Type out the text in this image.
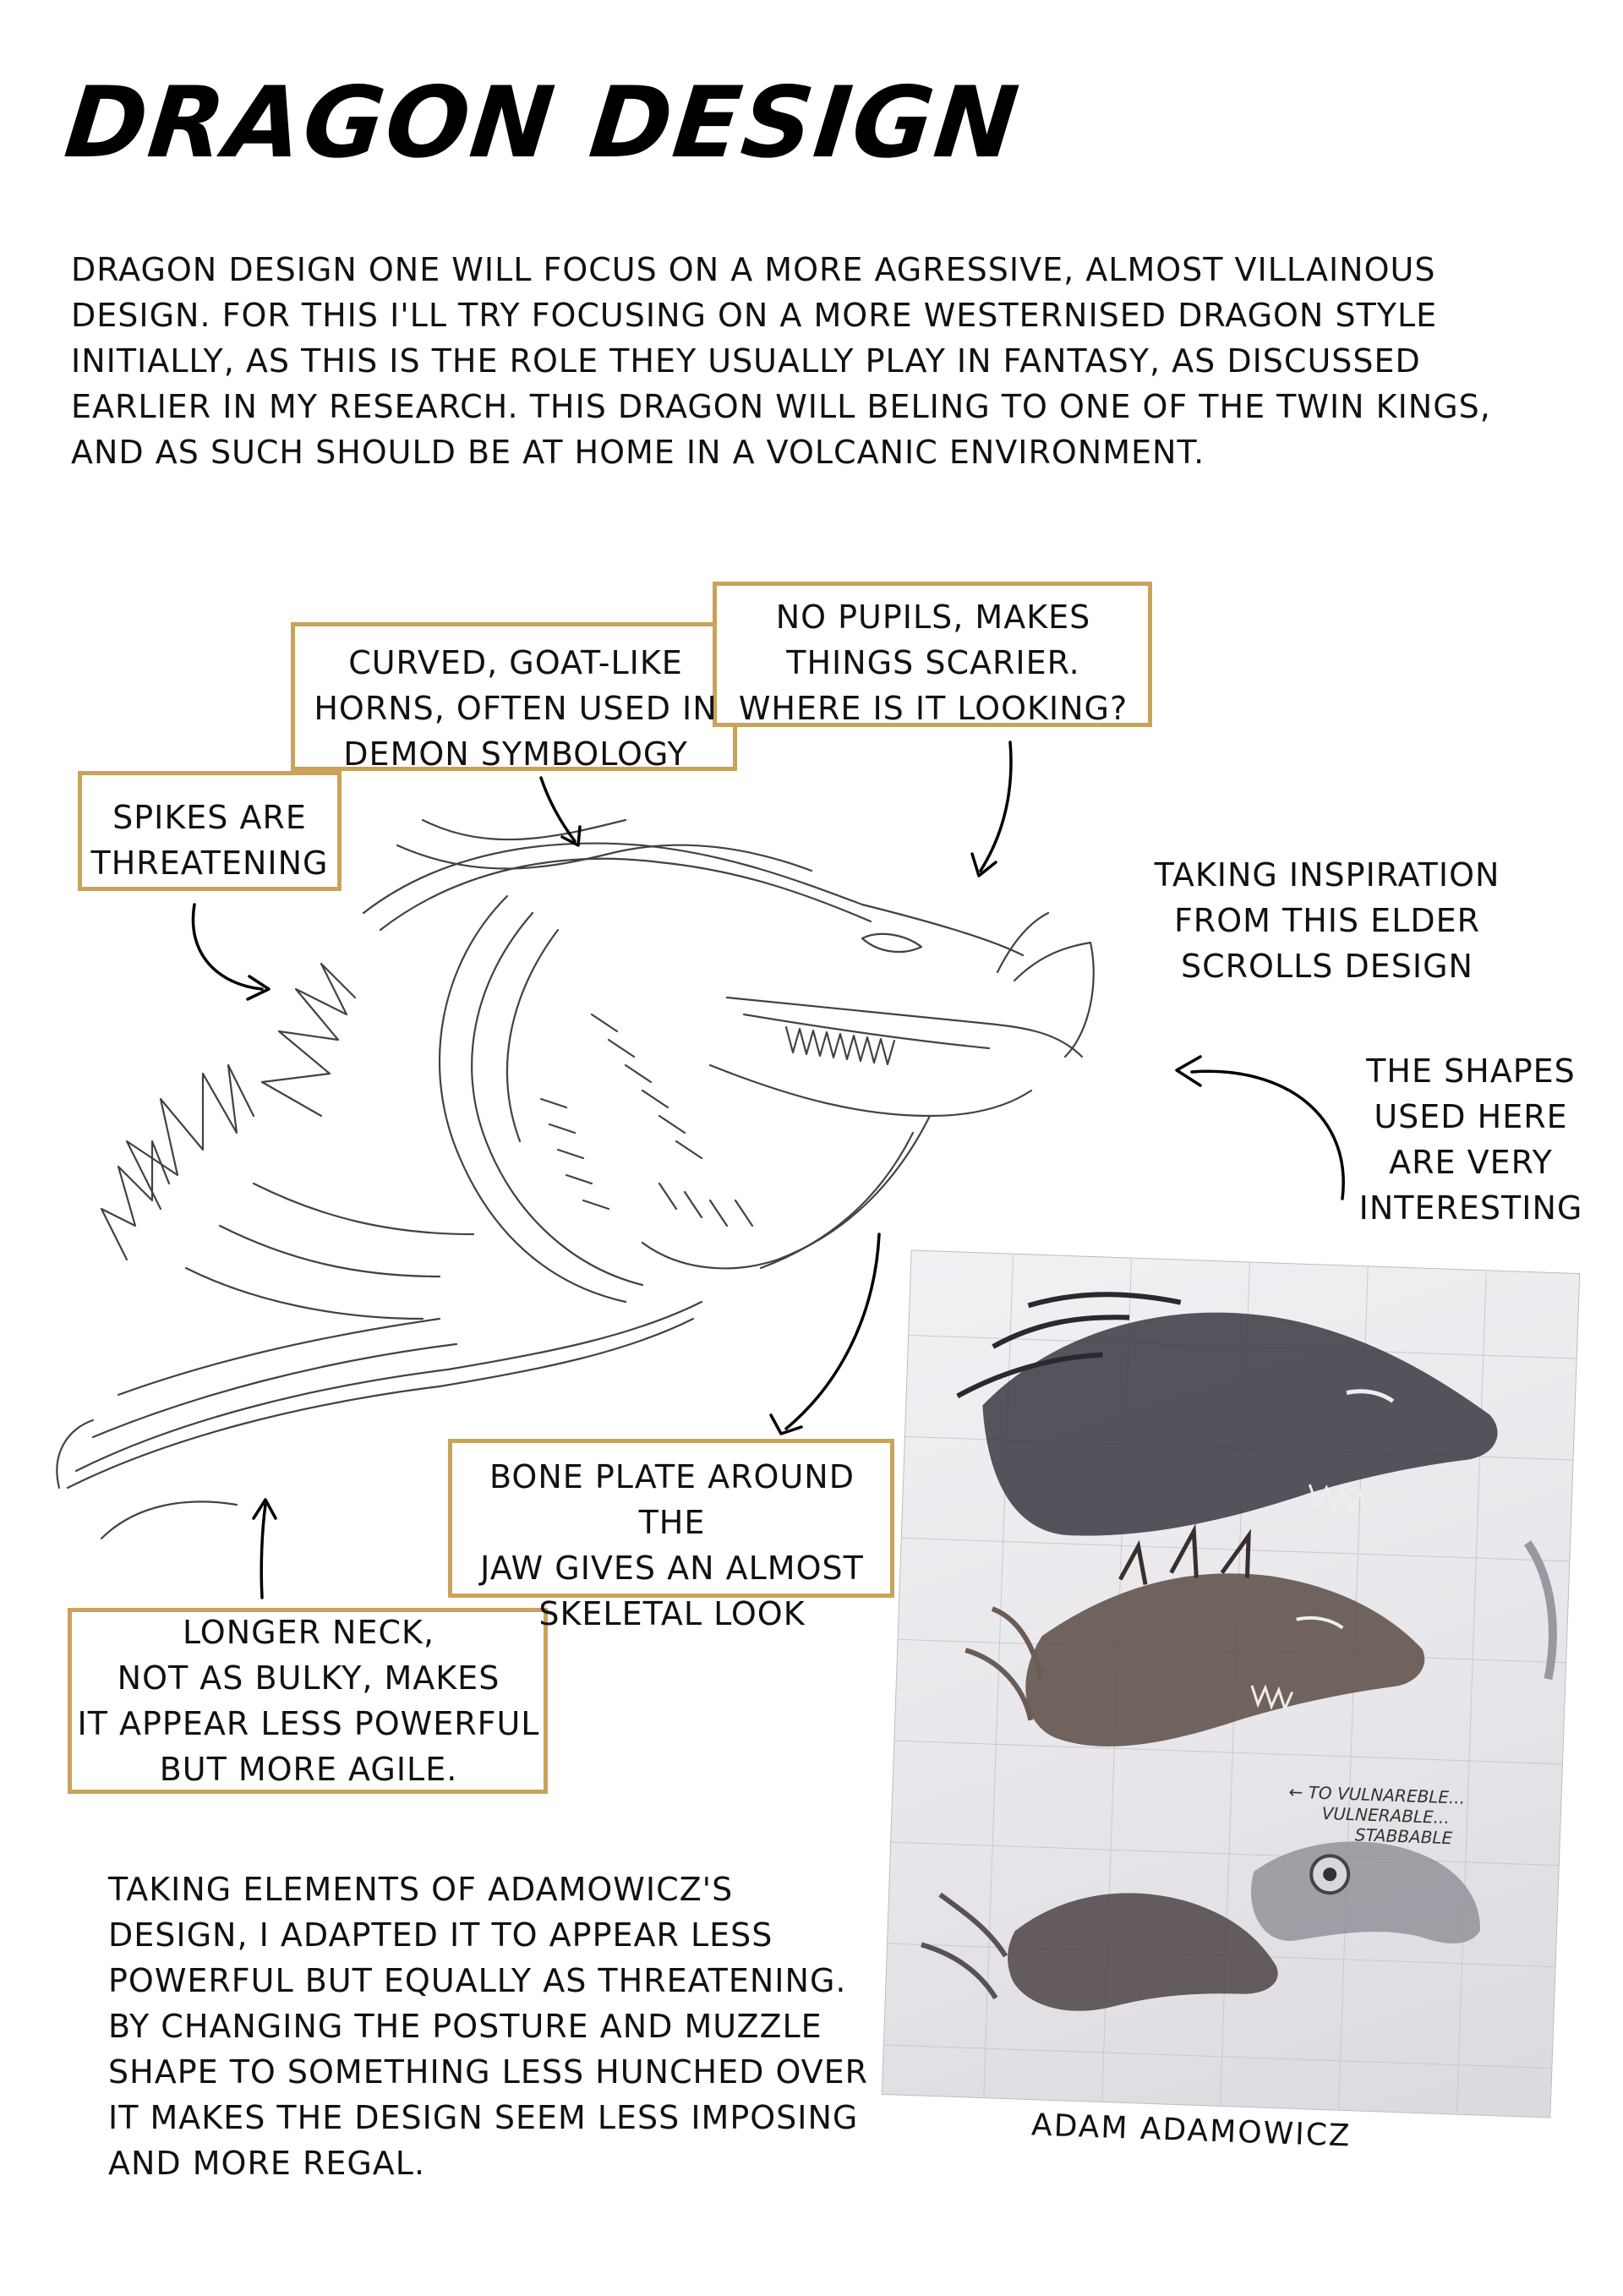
DRAGON DESIGN

DRAGON DESIGN ONE WILL FOCUS ON A MORE AGRESSIVE, ALMOST VILLAINOUS DESIGN. FOR THIS I'LL TRY FOCUSING ON A MORE WESTERNISED DRAGON STYLE INITIALLY, AS THIS IS THE ROLE THEY USUALLY PLAY IN FANTASY, AS DISCUSSED EARLIER IN MY RESEARCH. THIS DRAGON WILL BELING TO ONE OF THE TWIN KINGS, AND AS SUCH SHOULD BE AT HOME IN A VOLCANIC ENVIRONMENT.

SPIKES ARE
THREATENING
CURVED, GOAT-LIKE
HORNS, OFTEN USED IN
DEMON SYMBOLOGY
NO PUPILS, MAKES
THINGS SCARIER.
WHERE IS IT LOOKING?
BONE PLATE AROUND THE
JAW GIVES AN ALMOST
SKELETAL LOOK
LONGER NECK,
NOT AS BULKY, MAKES
IT APPEAR LESS POWERFUL
BUT MORE AGILE.
TAKING INSPIRATION
FROM THIS ELDER
SCROLLS DESIGN
THE SHAPES
USED HERE
ARE VERY
INTERESTING
← TO VULNAREBLE...
VULNERABLE...
STABBABLE
ADAM ADAMOWICZ

TAKING ELEMENTS OF ADAMOWICZ'S DESIGN, I ADAPTED IT TO APPEAR LESS POWERFUL BUT EQUALLY AS THREATENING. BY CHANGING THE POSTURE AND MUZZLE SHAPE TO SOMETHING LESS HUNCHED OVER IT MAKES THE DESIGN SEEM LESS IMPOSING AND MORE REGAL.
